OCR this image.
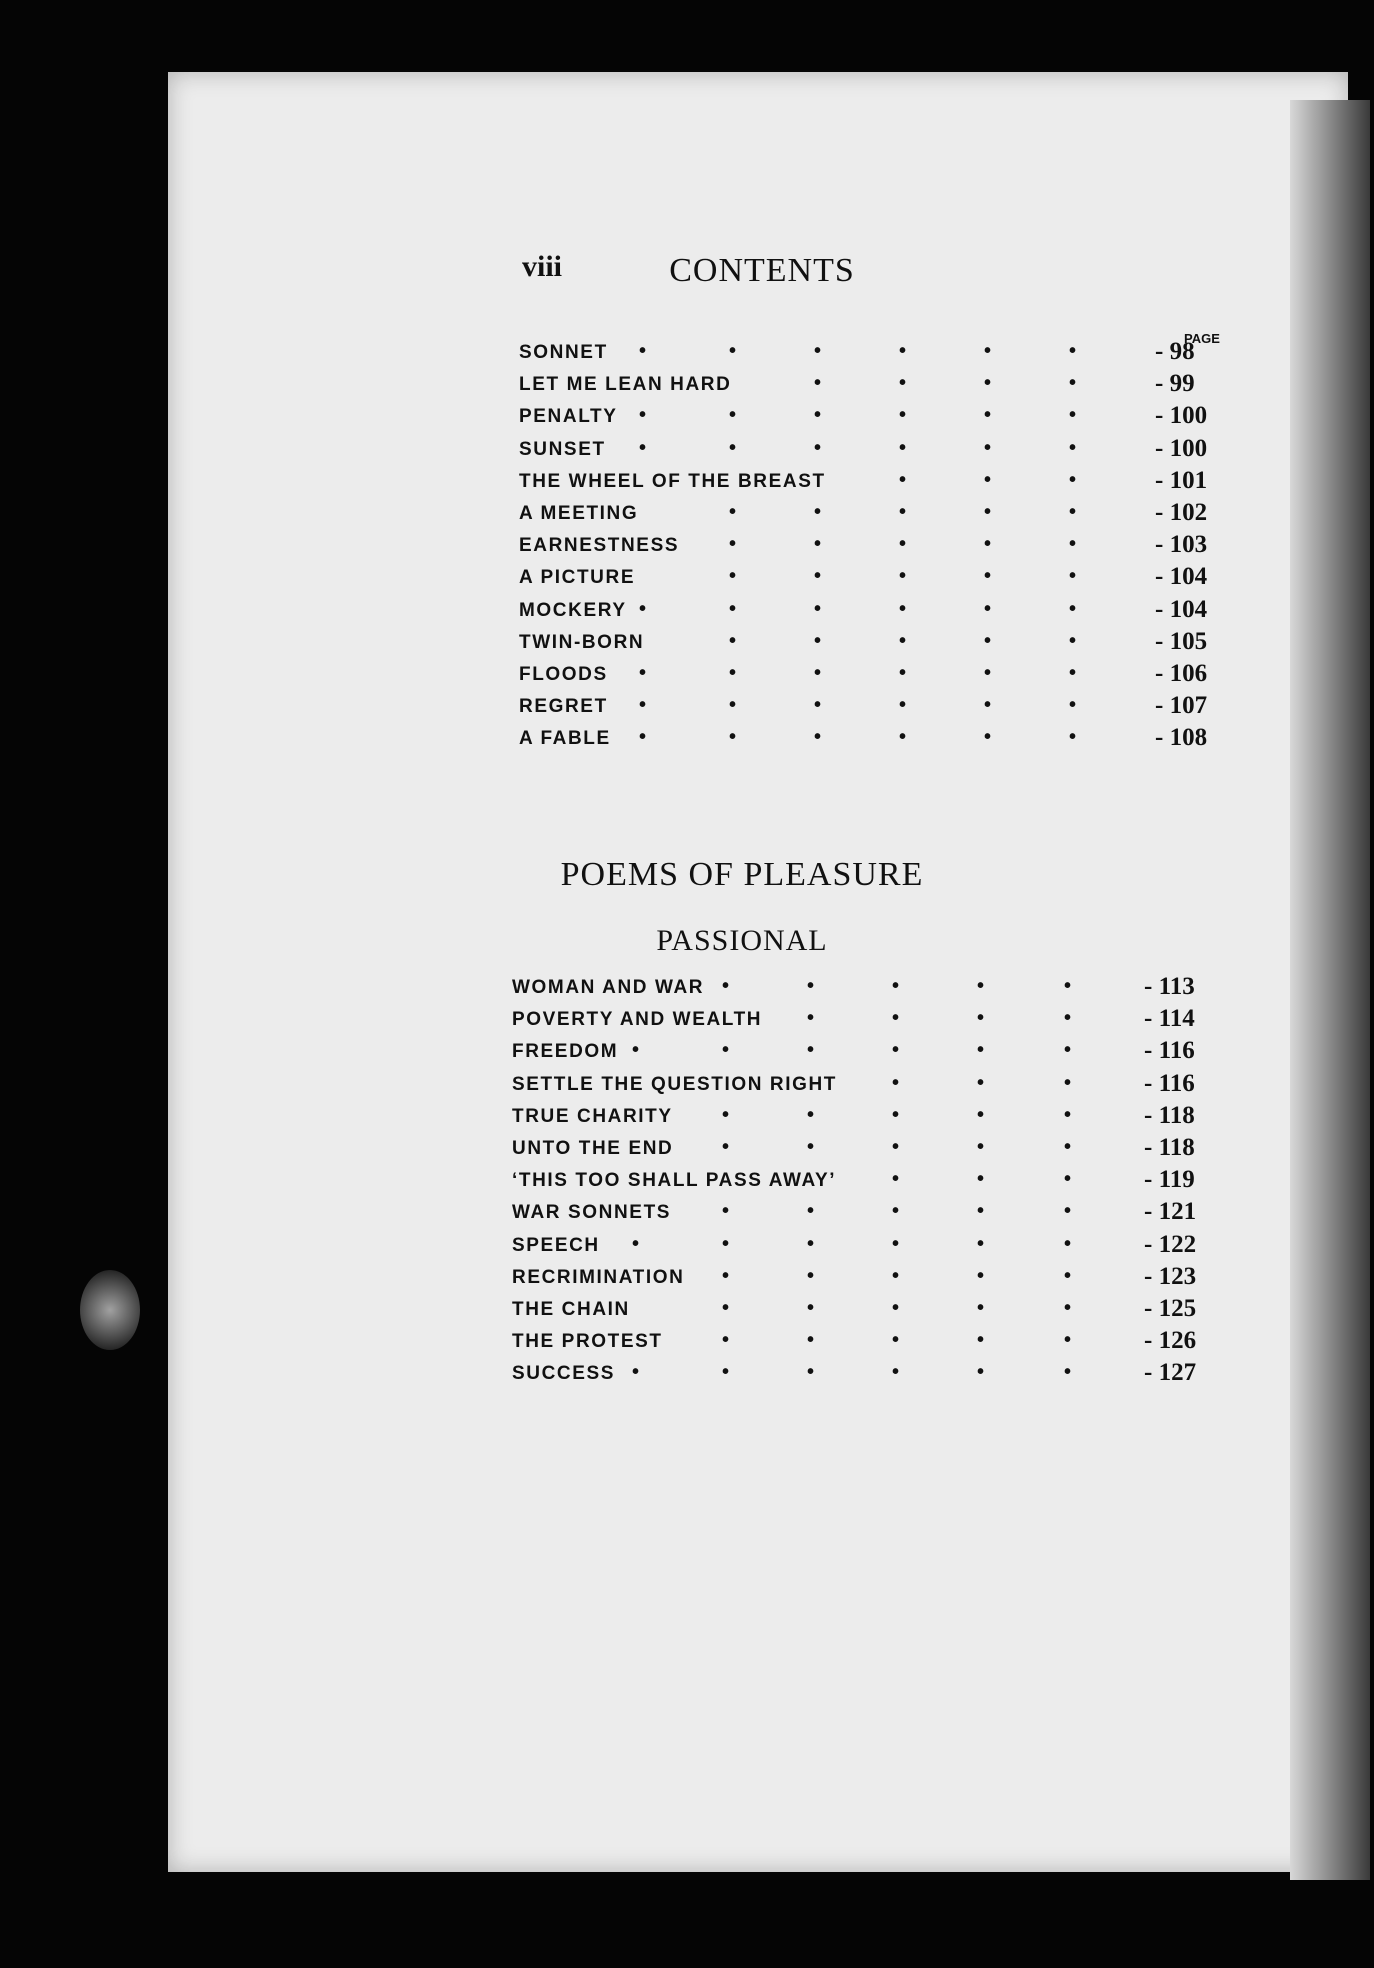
viii	CONTENTS
PAGE
POEMS OF PLEASURE
PASSIONAL
SONNET •	•	•	•	•	•	- 98
LET ME LEAN HARD	•	•	•	•	- 99
PENALTY •	•	•	•	•	•	- 100
SUNSET •	•	•	•	•	•	- 100
THE WHEEL OF THE BREAST	•	•	•	- 101
A MEETING	•	•	•	•	•	- 102
EARNESTNESS •	•	•	•	•	- 103
A PICTURE	•	•	•	•	•	- 104
MOCKERY •	•	•	•	•	•	- 104
TWIN-BORN	•	•	•	•	•	- 105
FLOODS •	•	•	•	•	•	- 106
REGRET •	•	•	•	•	•	- 107
A FABLE •	•	•	•	•	•	- 108
WOMAN AND WAR •	•	•	•	•	- 113
POVERTY AND WEALTH •	•	•	•	- 114
FREEDOM •	•	•	•	•	•	- 116
SETTLE THE QUESTION RIGHT	•	•	•	- 116
TRUE CHARITY •	•	•	•	•	- 118
UNTO THE END •	•	•	•	•	- 118
‘THIS TOO SHALL PASS AWAY’	•	•	•	- 119
WAR SONNETS	•	•	•	•	•	- 121
SPEECH •	•	•	•	•	•	- 122
RECRIMINATION •	•	•	•	•	- 123
THE CHAIN	•	•	•	•	•	- 125
THE PROTEST	•	•	•	•	•	- 126
SUCCESS •	•	•	•	•	•	- 127
